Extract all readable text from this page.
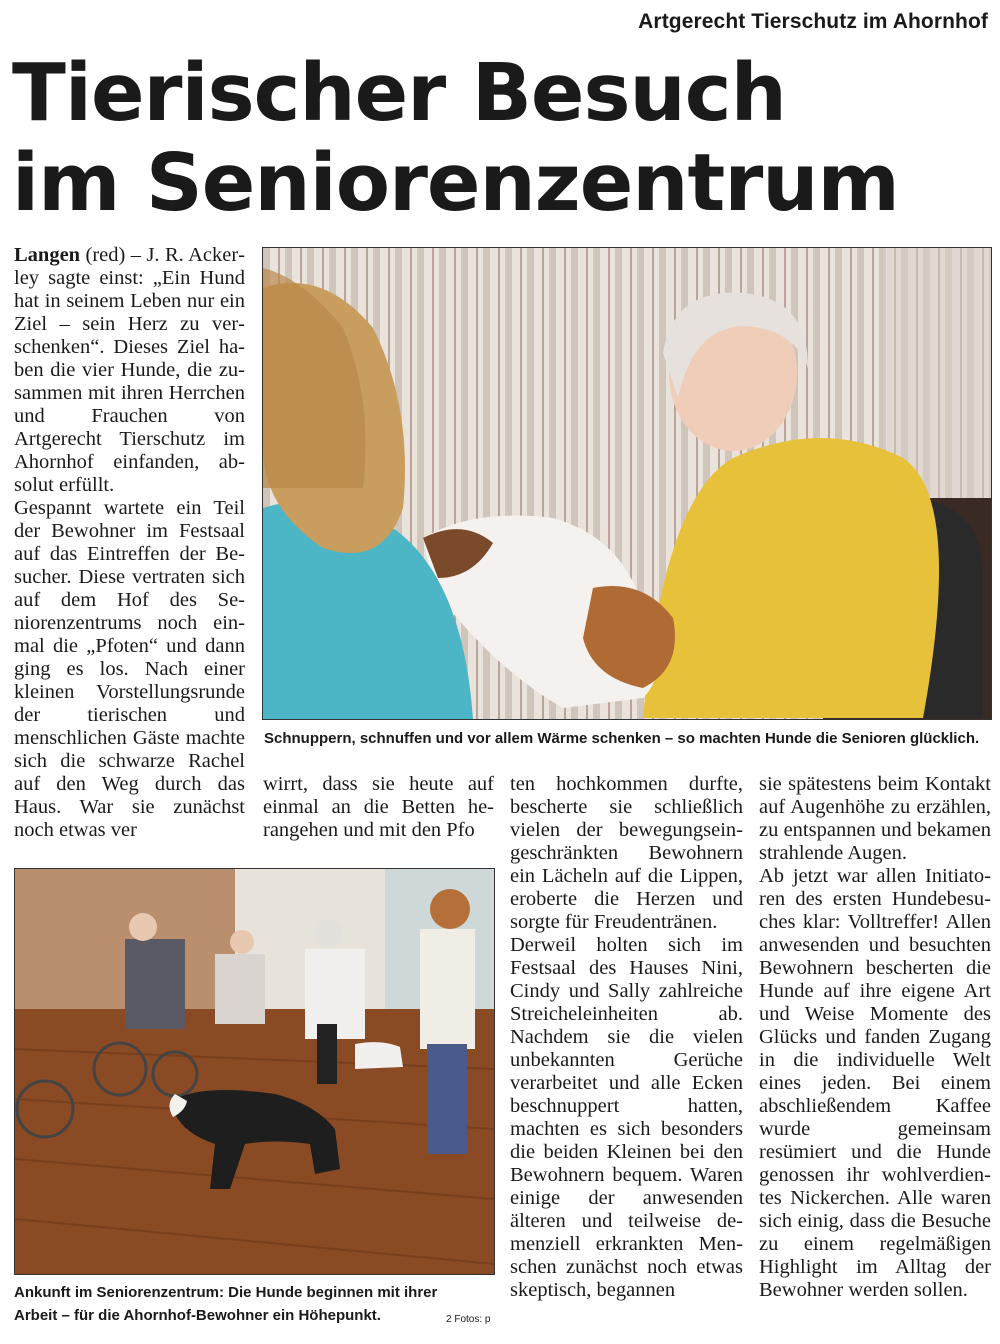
Artgerecht Tierschutz im Ahornhof
Tierischer Besuch
im Seniorenzentrum

Langen (red) – J. R. Ackerley sagte einst: „Ein Hund hat in seinem Leben nur ein Ziel – sein Herz zu verschenken“. Dieses Ziel haben die vier Hunde, die zusammen mit ihren Herrchen und Frauchen von Artgerecht Tierschutz im Ahornhof einfanden, absolut erfüllt.

Gespannt wartete ein Teil der Bewohner im Festsaal auf das Eintreffen der Besucher. Diese vertraten sich auf dem Hof des Seniorenzentrums noch einmal die „Pfoten“ und dann ging es los. Nach einer kleinen Vorstellungsrunde der tierischen und menschlichen Gäste machte sich die schwarze Rachel auf den Weg durch das Haus. War sie zunächst noch etwas ver

Schnuppern, schnuffen und vor allem Wärme schenken – so machten Hunde die Senioren glücklich.

wirrt, dass sie heute auf einmal an die Betten herangehen und mit den Pfo

ten hochkommen durfte, bescherte sie schließlich vielen der bewegungseingeschränkten Bewohnern ein Lächeln auf die Lippen, eroberte die Herzen und sorgte für Freudentränen.

Derweil holten sich im Festsaal des Hauses Nini, Cindy und Sally zahlreiche Streicheleinheiten ab. Nachdem sie die vielen unbekannten Gerüche verarbeitet und alle Ecken beschnuppert hatten, machten es sich besonders die beiden Kleinen bei den Bewohnern bequem. Waren einige der anwesenden älteren und teilweise demenziell erkrankten Menschen zunächst noch etwas skeptisch, begannen

sie spätestens beim Kontakt auf Augenhöhe zu erzählen, zu entspannen und bekamen strahlende Augen.

Ab jetzt war allen Initiatoren des ersten Hundebesuches klar: Volltreffer! Allen anwesenden und besuchten Bewohnern bescherten die Hunde auf ihre eigene Art und Weise Momente des Glücks und fanden Zugang in die individuelle Welt eines jeden. Bei einem abschließendem Kaffee wurde gemeinsam resümiert und die Hunde genossen ihr wohlverdientes Nickerchen. Alle waren sich einig, dass die Besuche zu einem regelmäßigen Highlight im Alltag der Bewohner werden sollen.

Ankunft im Seniorenzentrum: Die Hunde beginnen mit ihrer
Arbeit – für die Ahornhof-Bewohner ein Höhepunkt.	2 Fotos: p
